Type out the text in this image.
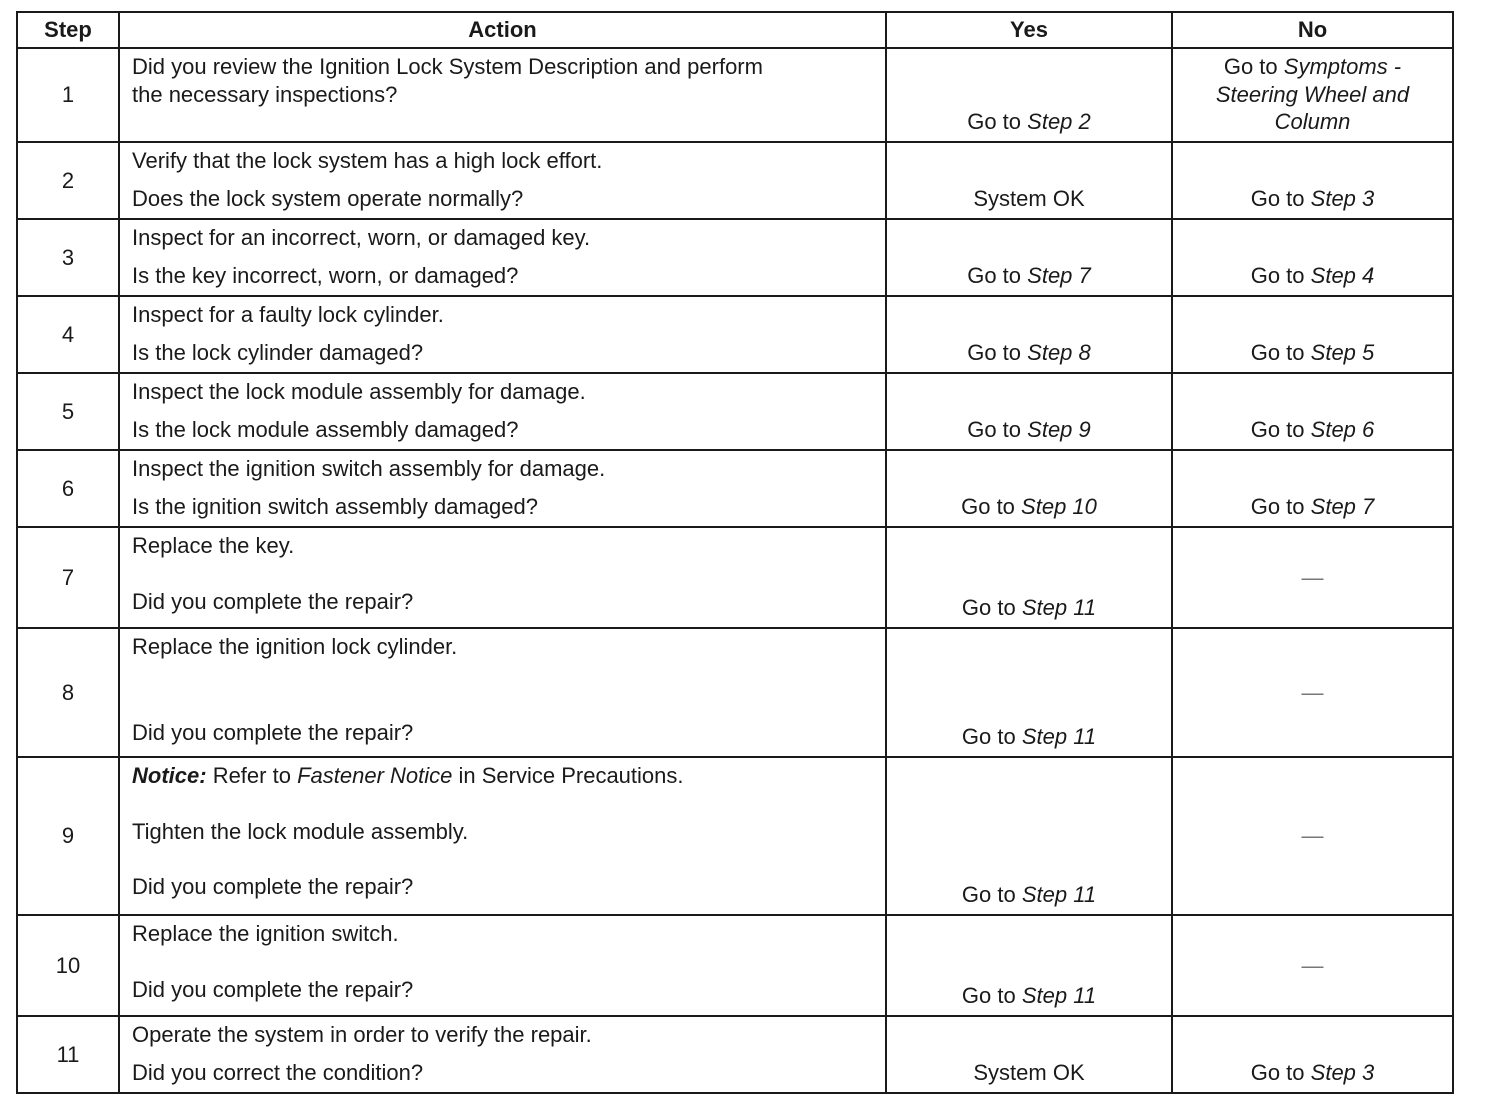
Step	Action	Yes	No
1	Did you review the Ignition Lock System Description and perform
the necessary inspections?	Go to Step 2	Go to Symptoms -
Steering Wheel and
Column

2	Verify that the lock system has a high lock effort.
Does the lock system operate normally?	System OK	Go to Step 3
3	Inspect for an incorrect, worn, or damaged key.
Is the key incorrect, worn, or damaged?	Go to Step 7	Go to Step 4
4	Inspect for a faulty lock cylinder.
Is the lock cylinder damaged?	Go to Step 8	Go to Step 5
5	Inspect the lock module assembly for damage.
Is the lock module assembly damaged?	Go to Step 9	Go to Step 6
6	Inspect the ignition switch assembly for damage.
Is the ignition switch assembly damaged?	Go to Step 10	Go to Step 7
7	Replace the key.
Did you complete the repair?	Go to Step 11	—
8	Replace the ignition lock cylinder.
Did you complete the repair?	Go to Step 11	—
9	Notice: Refer to Fastener Notice in Service Precautions.
Tighten the lock module assembly.
Did you complete the repair?	Go to Step 11	—
10	Replace the ignition switch.
Did you complete the repair?	Go to Step 11	—
11	Operate the system in order to verify the repair.
Did you correct the condition?	System OK	Go to Step 3
